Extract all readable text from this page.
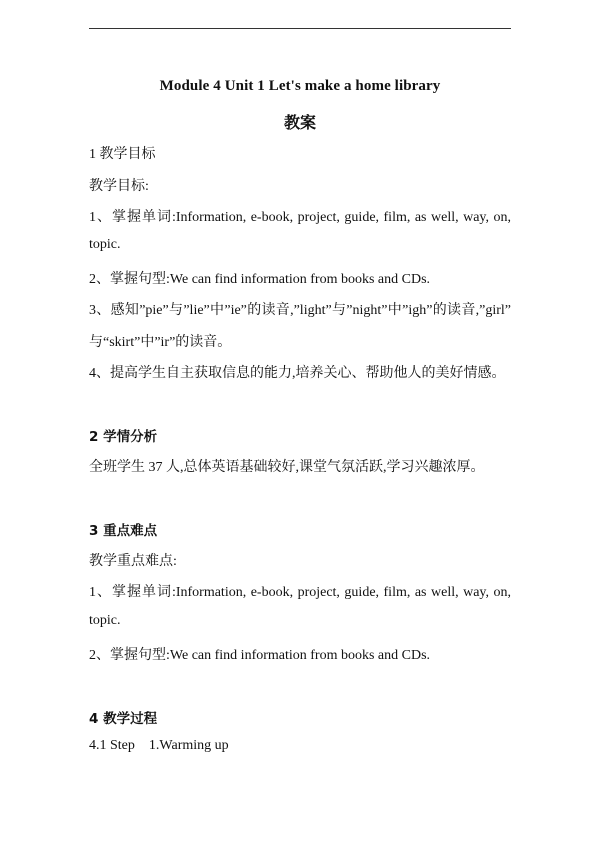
Module 4 Unit 1 Let's make a home library
教案
1 教学目标
教学目标:
1、掌握单词:Information, e-book, project, guide, film, as well, way, on,
topic.
2、掌握句型:We can find information from books and CDs.
3、感知”pie”与”lie”中”ie”的读音,”light”与”night”中”igh”的读音,”girl”
与“skirt”中”ir”的读音。
4、提高学生自主获取信息的能力,培养关心、帮助他人的美好情感。
2 学情分析
全班学生 37 人,总体英语基础较好,课堂气氛活跃,学习兴趣浓厚。
3 重点难点
教学重点难点:
1、掌握单词:Information, e-book, project, guide, film, as well, way, on,
topic.
2、掌握句型:We can find information from books and CDs.
4 教学过程
4.1 Step    1.Warming up
